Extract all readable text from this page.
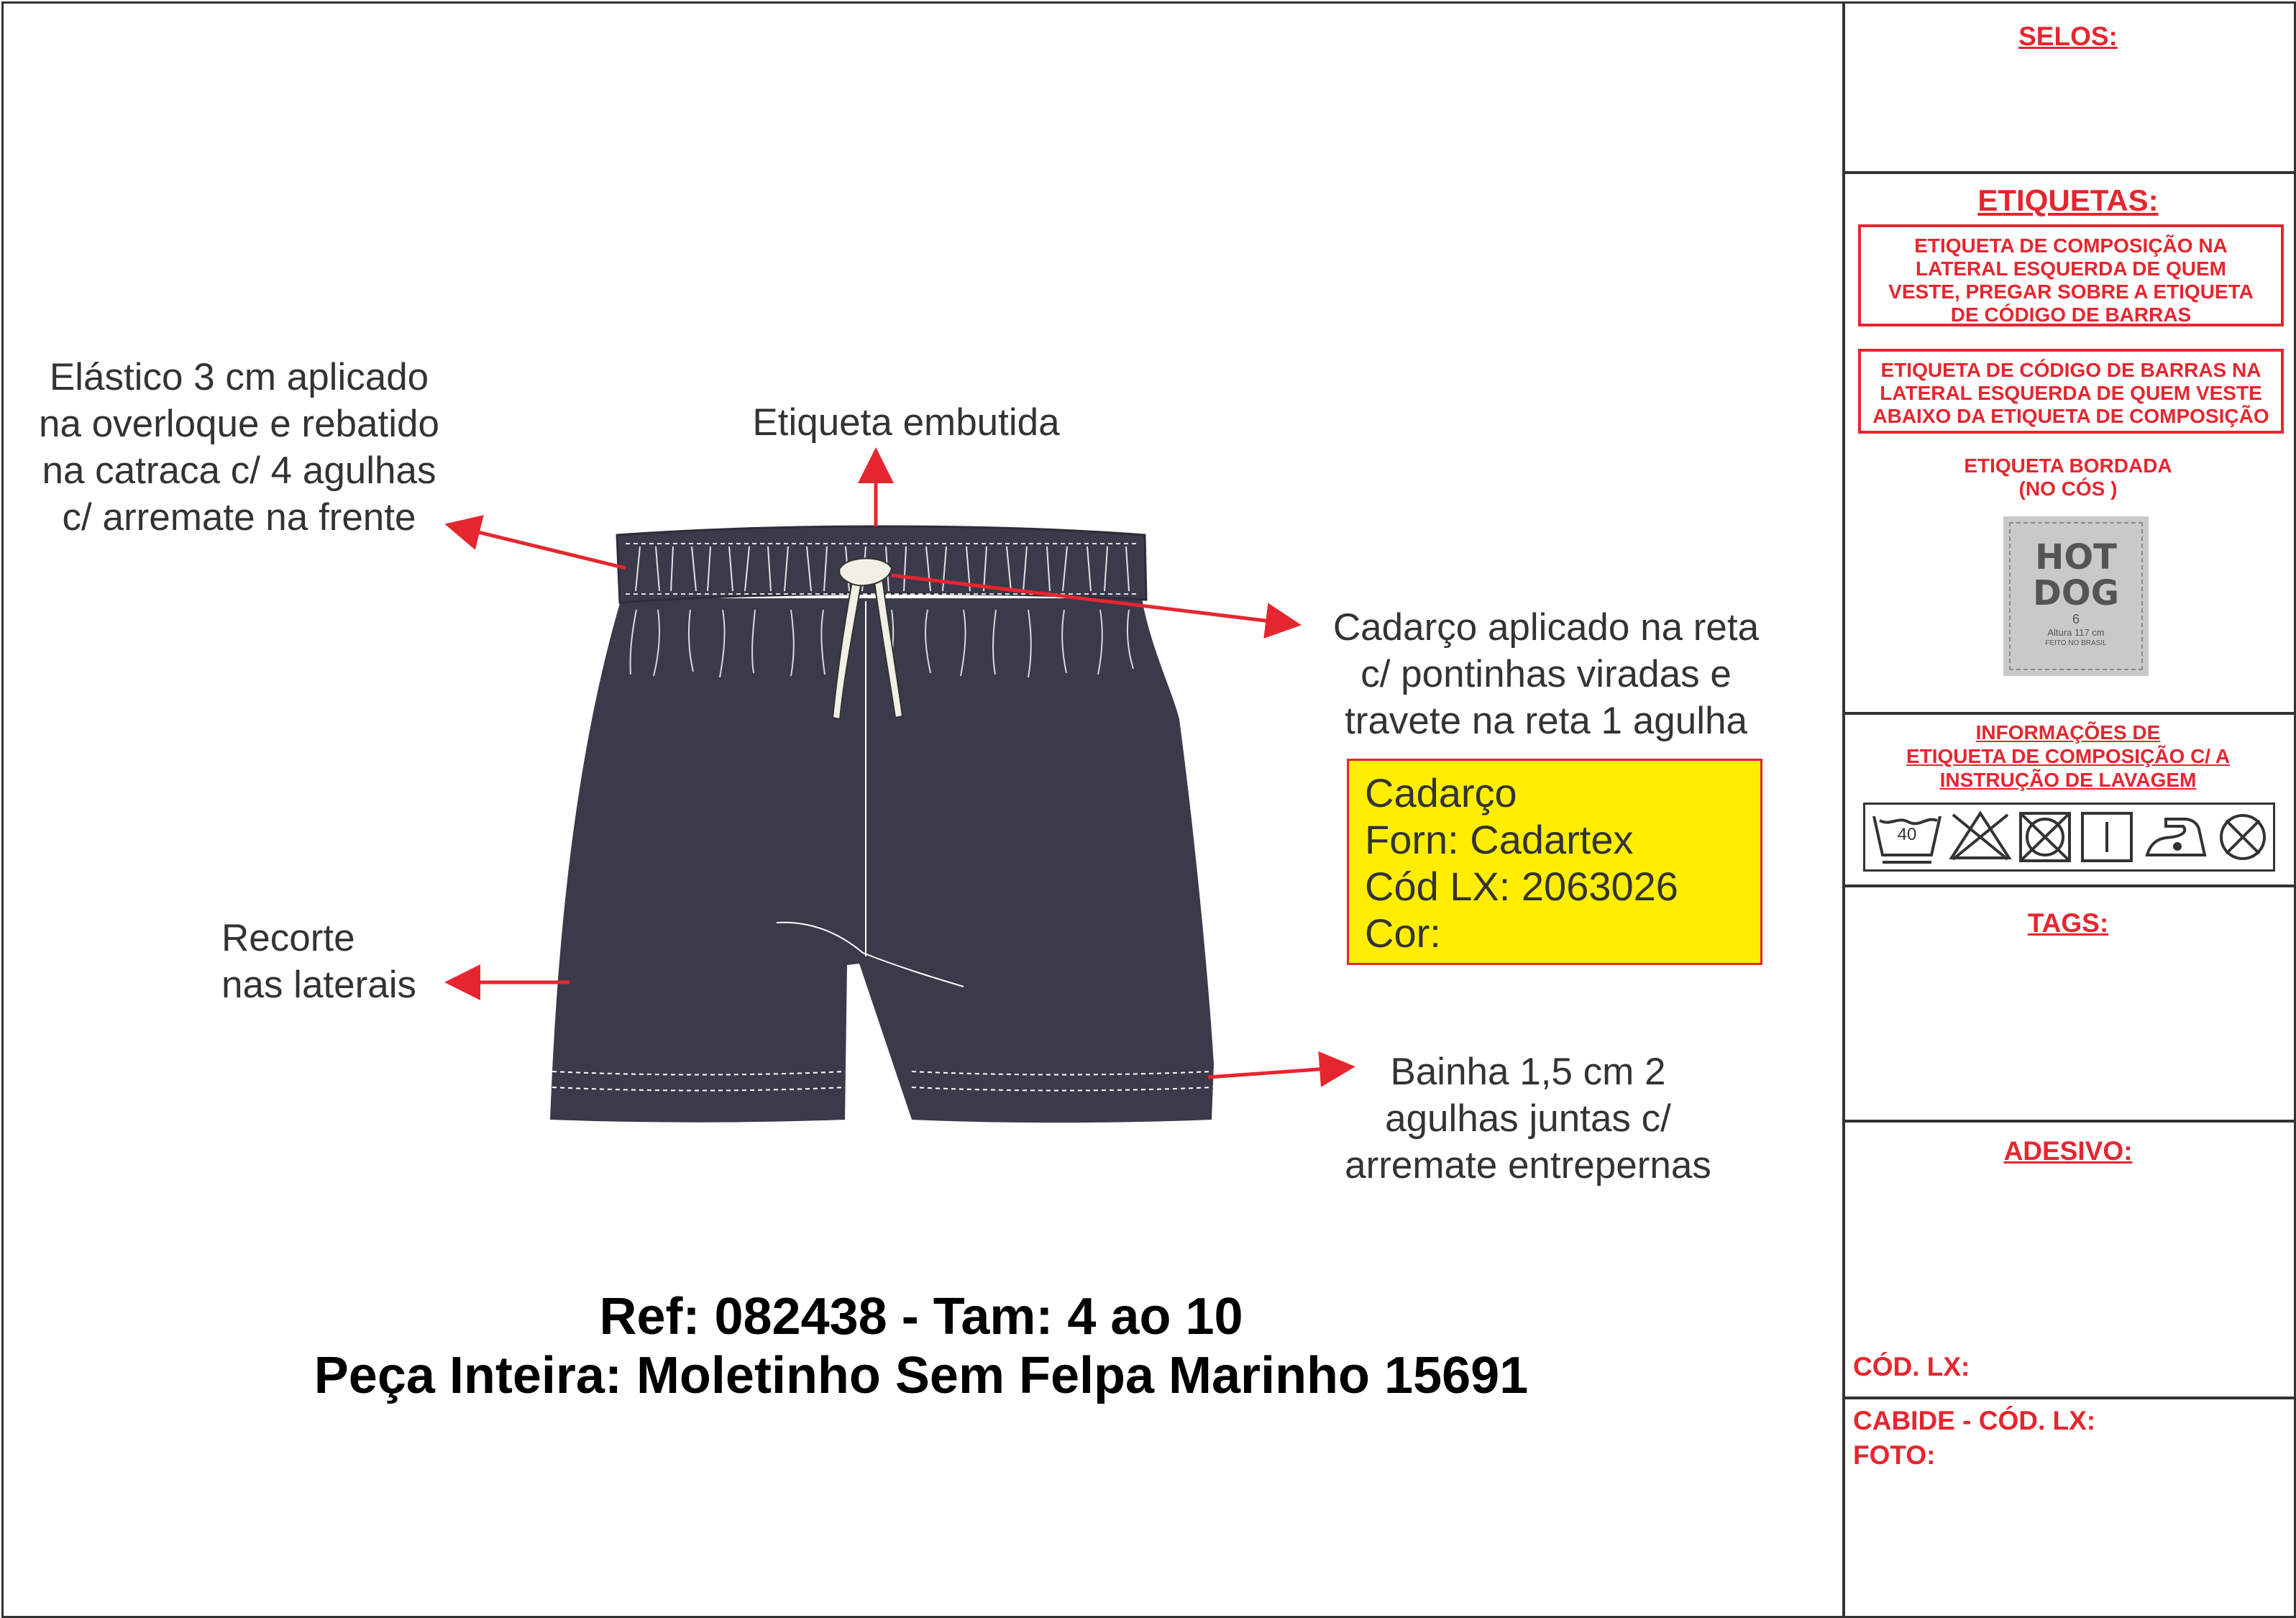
Elástico 3 cm aplicado
na overloque e rebatido
na catraca c/ 4 agulhas
c/ arremate na frente
Etiqueta embutida
Cadarço aplicado na reta
c/ pontinhas viradas e
travete na reta 1 agulha
Recorte
nas laterais
Bainha 1,5 cm 2
agulhas juntas c/
arremate entrepernas
Cadarço
Forn: Cadartex
Cód LX: 2063026
Cor:
Ref: 082438 - Tam: 4 ao 10
Peça Inteira: Moletinho Sem Felpa Marinho 15691
SELOS:
ETIQUETAS:
ETIQUETA DE COMPOSIÇÃO NA
LATERAL ESQUERDA DE QUEM
VESTE, PREGAR SOBRE A ETIQUETA
DE CÓDIGO DE BARRAS
ETIQUETA DE CÓDIGO DE BARRAS NA
LATERAL ESQUERDA DE QUEM VESTE
ABAIXO DA ETIQUETA DE COMPOSIÇÃO
ETIQUETA BORDADA
(NO CÓS )
HOT
DOG
6
Altura 117 cm
FEITO NO BRASIL
INFORMAÇÕES DE
ETIQUETA DE COMPOSIÇÃO C/ A
INSTRUÇÃO DE LAVAGEM
40
TAGS:
ADESIVO:
CÓD. LX:
CABIDE - CÓD. LX:
FOTO:
